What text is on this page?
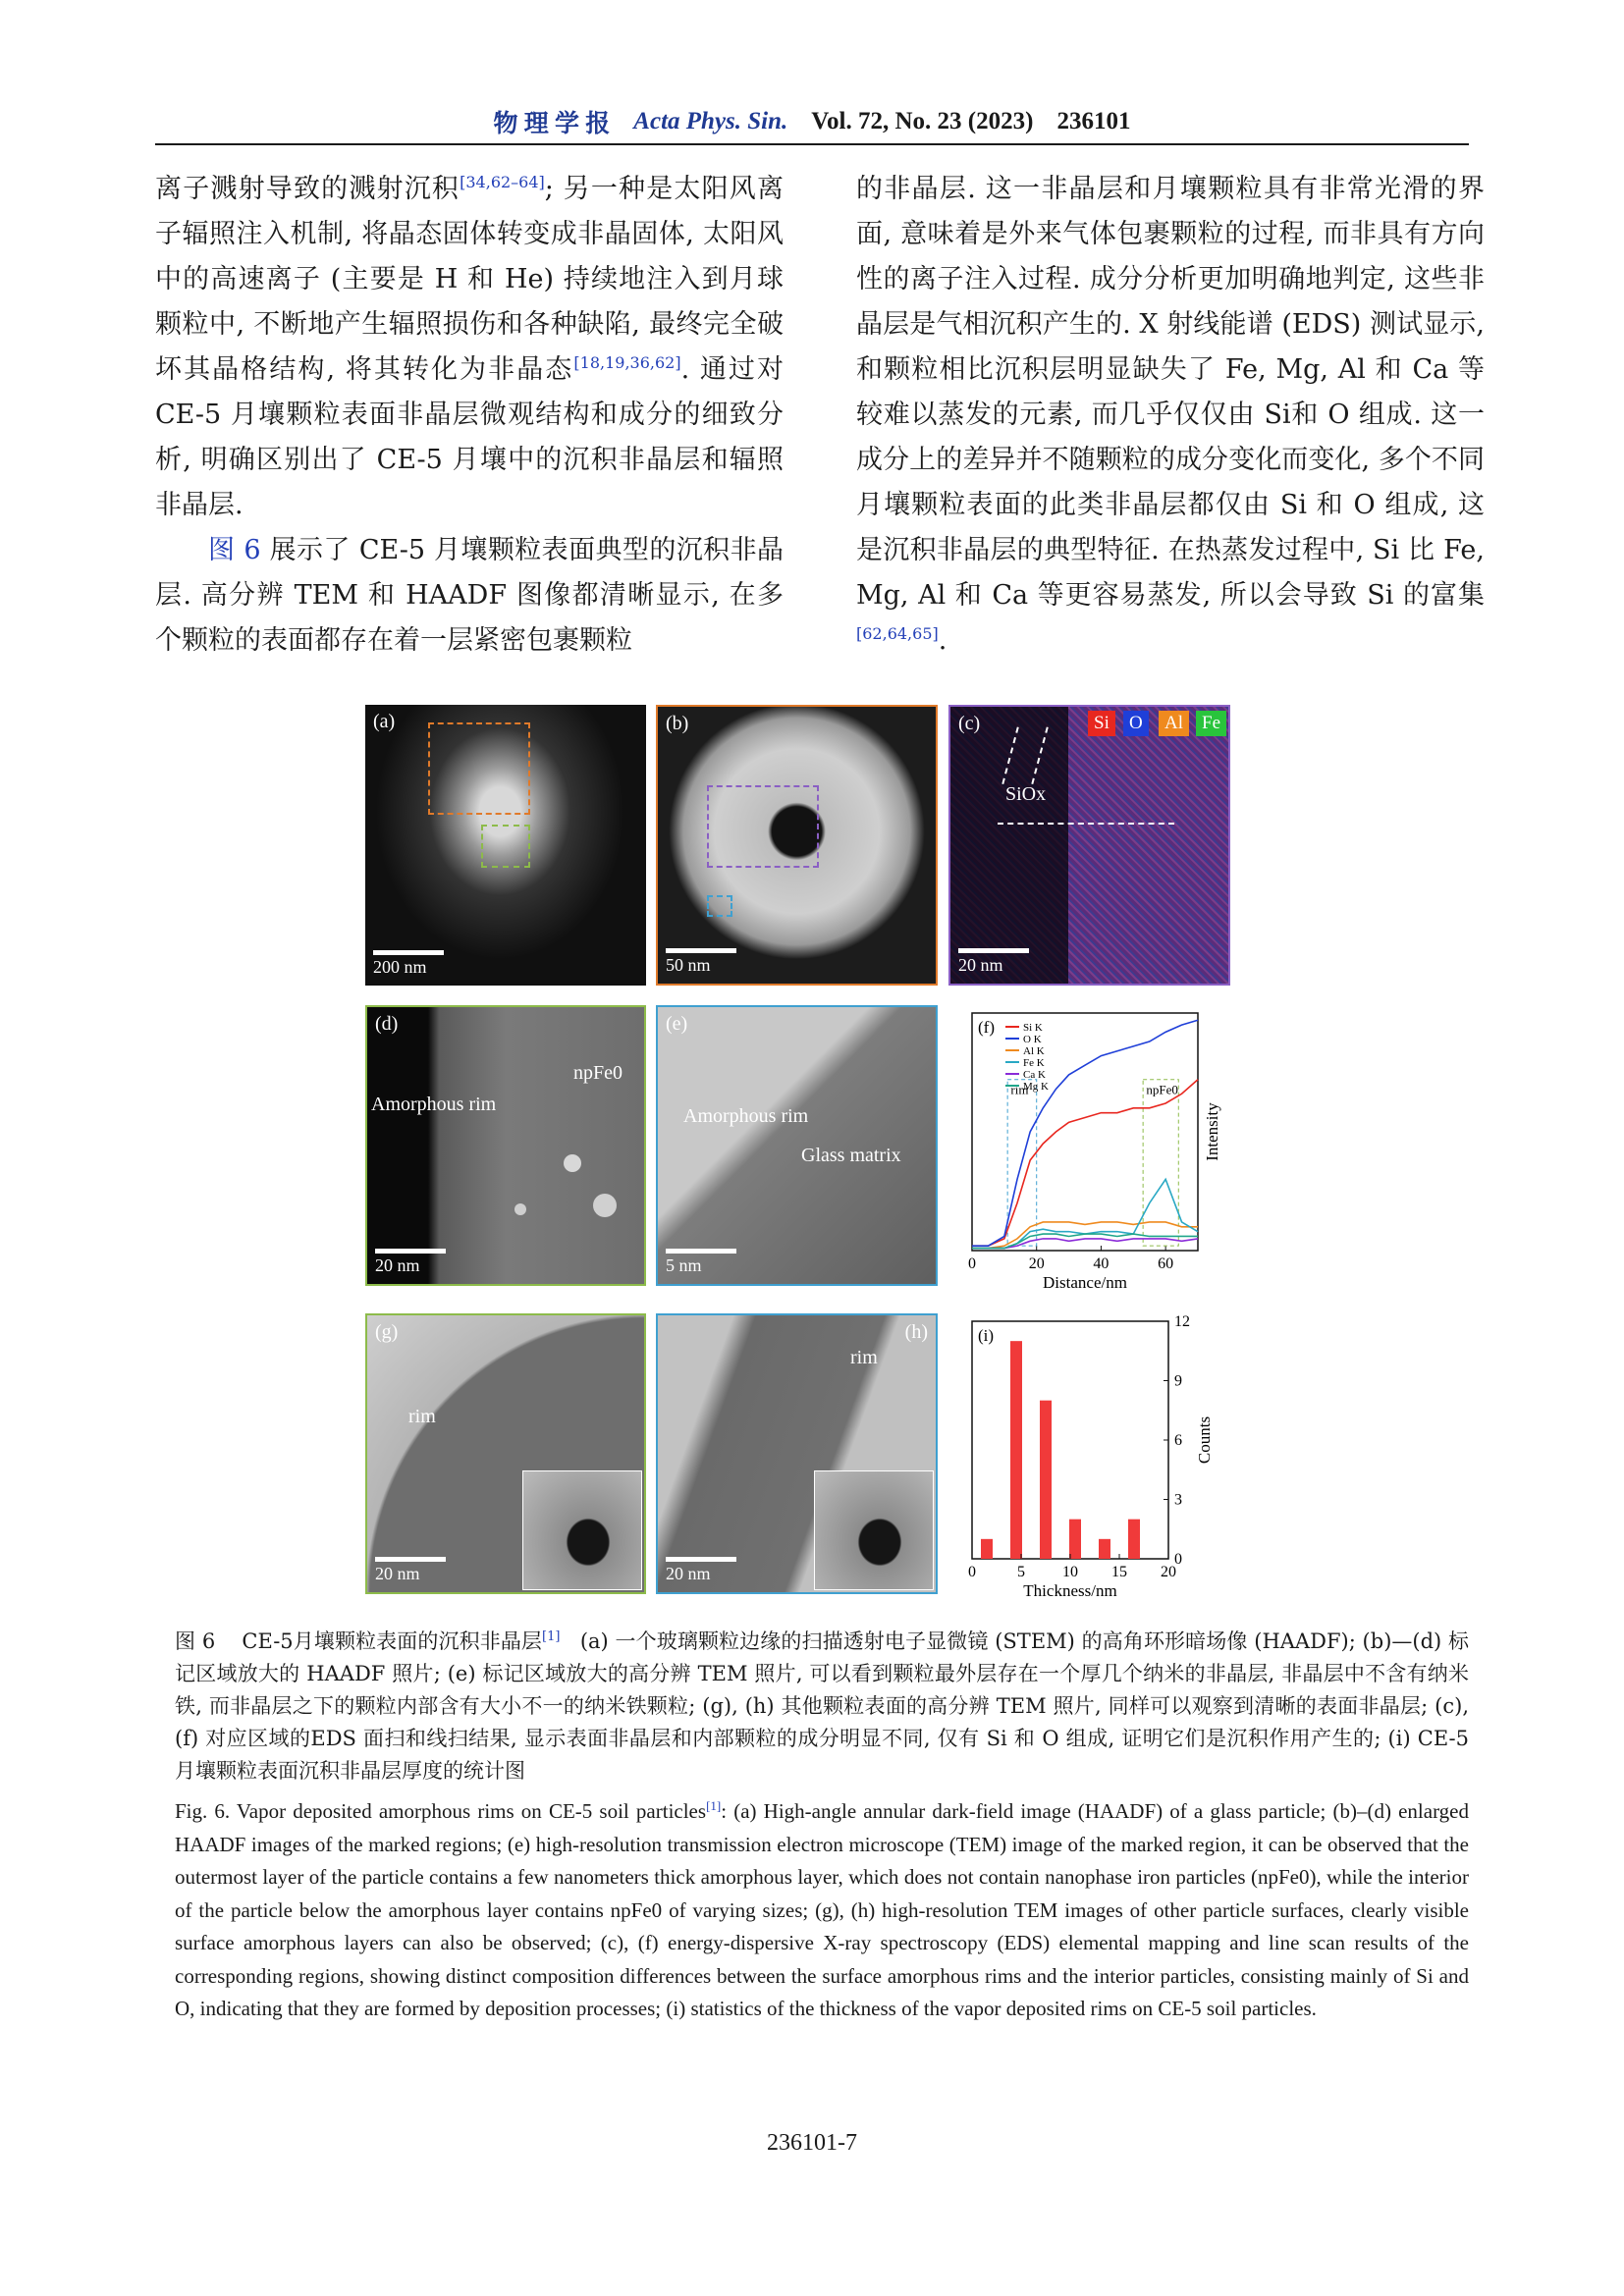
物 理 学 报 Acta Phys. Sin. Vol. 72, No. 23 (2023) 236101

离子溅射导致的溅射沉积[34,62–64]; 另一种是太阳风离子辐照注入机制, 将晶态固体转变成非晶固体, 太阳风中的高速离子 (主要是 H 和 He) 持续地注入到月球颗粒中, 不断地产生辐照损伤和各种缺陷, 最终完全破坏其晶格结构, 将其转化为非晶态[18,19,36,62]. 通过对 CE-5 月壤颗粒表面非晶层微观结构和成分的细致分析, 明确区别出了 CE-5 月壤中的沉积非晶层和辐照非晶层.

图 6 展示了 CE-5 月壤颗粒表面典型的沉积非晶层. 高分辨 TEM 和 HAADF 图像都清晰显示, 在多个颗粒的表面都存在着一层紧密包裹颗粒

的非晶层. 这一非晶层和月壤颗粒具有非常光滑的界面, 意味着是外来气体包裹颗粒的过程, 而非具有方向性的离子注入过程. 成分分析更加明确地判定, 这些非晶层是气相沉积产生的. X 射线能谱 (EDS) 测试显示, 和颗粒相比沉积层明显缺失了 Fe, Mg, Al 和 Ca 等较难以蒸发的元素, 而几乎仅仅由 Si和 O 组成. 这一成分上的差异并不随颗粒的成分变化而变化, 多个不同月壤颗粒表面的此类非晶层都仅由 Si 和 O 组成, 这是沉积非晶层的典型特征. 在热蒸发过程中, Si 比 Fe, Mg, Al 和 Ca 等更容易蒸发, 所以会导致 Si 的富集[62,64,65].

(a)
200 nm
(b)
50 nm
(c)	Si	O	Al	Fe
SiOx
20 nm
(d)
Amorphous rim
npFe0
20 nm
(e)
Amorphous rim
Glass matrix
5 nm	0	20	40	60
Distance/nm
Intensity
(f)
rim	npFe0
Si K
O K
Al K
Fe K
Ca K
Mg K
(g)
rim
20 nm
(h)
rim
20 nm	0	5 10 15 20
0
3
6
9
12
Thickness/nm
Counts
(i)
图 6 CE-5月壤颗粒表面的沉积非晶层[1] (a) 一个玻璃颗粒边缘的扫描透射电子显微镜 (STEM) 的高角环形暗场像 (HAADF); (b)—(d) 标记区域放大的 HAADF 照片; (e) 标记区域放大的高分辨 TEM 照片, 可以看到颗粒最外层存在一个厚几个纳米的非晶层, 非晶层中不含有纳米铁, 而非晶层之下的颗粒内部含有大小不一的纳米铁颗粒; (g), (h) 其他颗粒表面的高分辨 TEM 照片, 同样可以观察到清晰的表面非晶层; (c), (f) 对应区域的EDS 面扫和线扫结果, 显示表面非晶层和内部颗粒的成分明显不同, 仅有 Si 和 O 组成, 证明它们是沉积作用产生的; (i) CE-5 月壤颗粒表面沉积非晶层厚度的统计图
Fig. 6. Vapor deposited amorphous rims on CE-5 soil particles[1]: (a) High-angle annular dark-field image (HAADF) of a glass particle; (b)–(d) enlarged HAADF images of the marked regions; (e) high-resolution transmission electron microscope (TEM) image of the marked region, it can be observed that the outermost layer of the particle contains a few nanometers thick amorphous layer, which does not contain nanophase iron particles (npFe0), while the interior of the particle below the amorphous layer contains npFe0 of varying sizes; (g), (h) high-resolution TEM images of other particle surfaces, clearly visible surface amorphous layers can also be observed; (c), (f) energy-dispersive X-ray spectroscopy (EDS) elemental mapping and line scan results of the corresponding regions, showing distinct composition differences between the surface amorphous rims and the interior particles, consisting mainly of Si and O, indicating that they are formed by deposition processes; (i) statistics of the thickness of the vapor deposited rims on CE-5 soil particles.
236101-7
